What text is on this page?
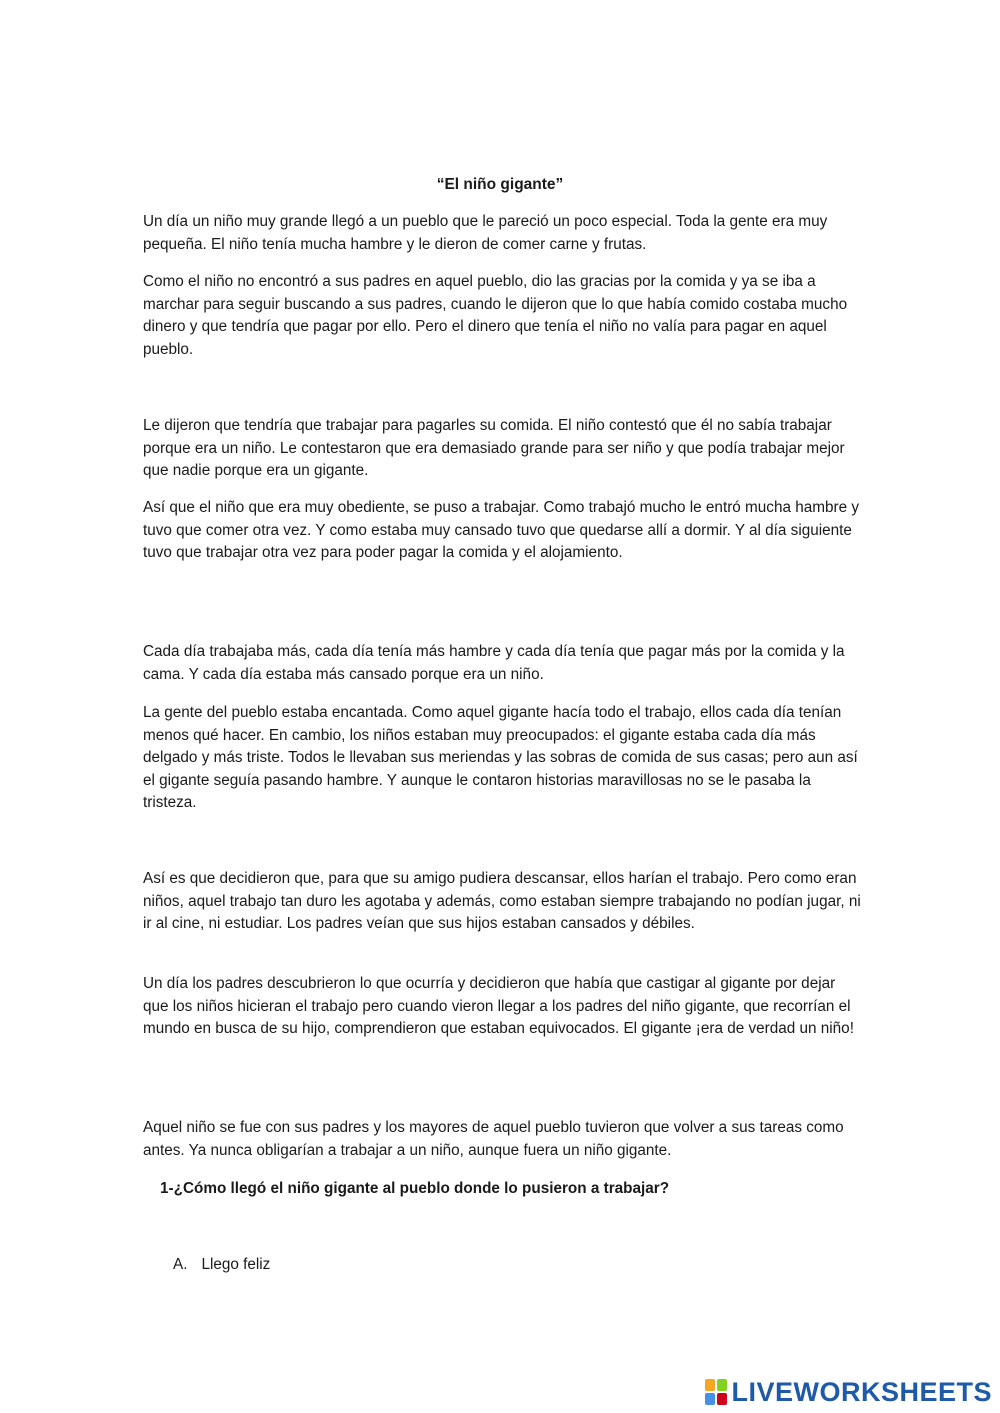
“El niño gigante”

Un día un niño muy grande llegó a un pueblo que le pareció un poco especial. Toda la gente era muy pequeña. El niño tenía mucha hambre y le dieron de comer carne y frutas.

Como el niño no encontró a sus padres en aquel pueblo, dio las gracias por la comida y ya se iba a marchar para seguir buscando a sus padres, cuando le dijeron que lo que había comido costaba mucho dinero y que tendría que pagar por ello. Pero el dinero que tenía el niño no valía para pagar en aquel pueblo.

Le dijeron que tendría que trabajar para pagarles su comida. El niño contestó que él no sabía trabajar porque era un niño. Le contestaron que era demasiado grande para ser niño y que podía trabajar mejor que nadie porque era un gigante.

Así que el niño que era muy obediente, se puso a trabajar. Como trabajó mucho le entró mucha hambre y tuvo que comer otra vez. Y como estaba muy cansado tuvo que quedarse allí a dormir. Y al día siguiente tuvo que trabajar otra vez para poder pagar la comida y el alojamiento.

Cada día trabajaba más, cada día tenía más hambre y cada día tenía que pagar más por la comida y la cama. Y cada día estaba más cansado porque era un niño.

La gente del pueblo estaba encantada. Como aquel gigante hacía todo el trabajo, ellos cada día tenían menos qué hacer. En cambio, los niños estaban muy preocupados: el gigante estaba cada día más delgado y más triste. Todos le llevaban sus meriendas y las sobras de comida de sus casas; pero aun así el gigante seguía pasando hambre. Y aunque le contaron historias maravillosas no se le pasaba la tristeza.

Así es que decidieron que, para que su amigo pudiera descansar, ellos harían el trabajo. Pero como eran niños, aquel trabajo tan duro les agotaba y además, como estaban siempre trabajando no podían jugar, ni ir al cine, ni estudiar. Los padres veían que sus hijos estaban cansados y débiles.

Un día los padres descubrieron lo que ocurría y decidieron que había que castigar al gigante por dejar que los niños hicieran el trabajo pero cuando vieron llegar a los padres del niño gigante, que recorrían el mundo en busca de su hijo, comprendieron que estaban equivocados. El gigante ¡era de verdad un niño!

Aquel niño se fue con sus padres y los mayores de aquel pueblo tuvieron que volver a sus tareas como antes. Ya nunca obligarían a trabajar a un niño, aunque fuera un niño gigante.

1-¿Cómo llegó el niño gigante al pueblo donde lo pusieron a trabajar?
A. Llego feliz
LIVEWORKSHEETS
